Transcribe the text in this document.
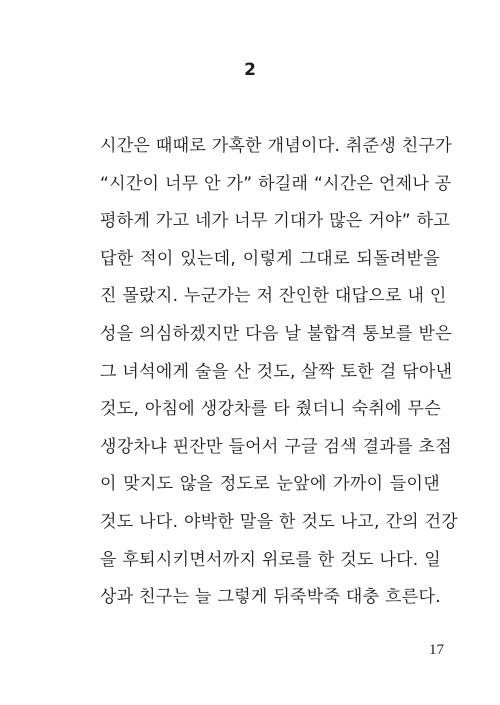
2
시간은 때때로 가혹한 개념이다. 취준생 친구가
“시간이 너무 안 가” 하길래 “시간은 언제나 공
평하게 가고 네가 너무 기대가 많은 거야” 하고
답한 적이 있는데, 이렇게 그대로 되돌려받을
진 몰랐지. 누군가는 저 잔인한 대답으로 내 인
성을 의심하겠지만 다음 날 불합격 통보를 받은
그 녀석에게 술을 산 것도, 살짝 토한 걸 닦아낸
것도, 아침에 생강차를 타 줬더니 숙취에 무슨
생강차냐 핀잔만 들어서 구글 검색 결과를 초점
이 맞지도 않을 정도로 눈앞에 가까이 들이댄
것도 나다. 야박한 말을 한 것도 나고, 간의 건강
을 후퇴시키면서까지 위로를 한 것도 나다. 일
상과 친구는 늘 그렇게 뒤죽박죽 대충 흐른다.
17
